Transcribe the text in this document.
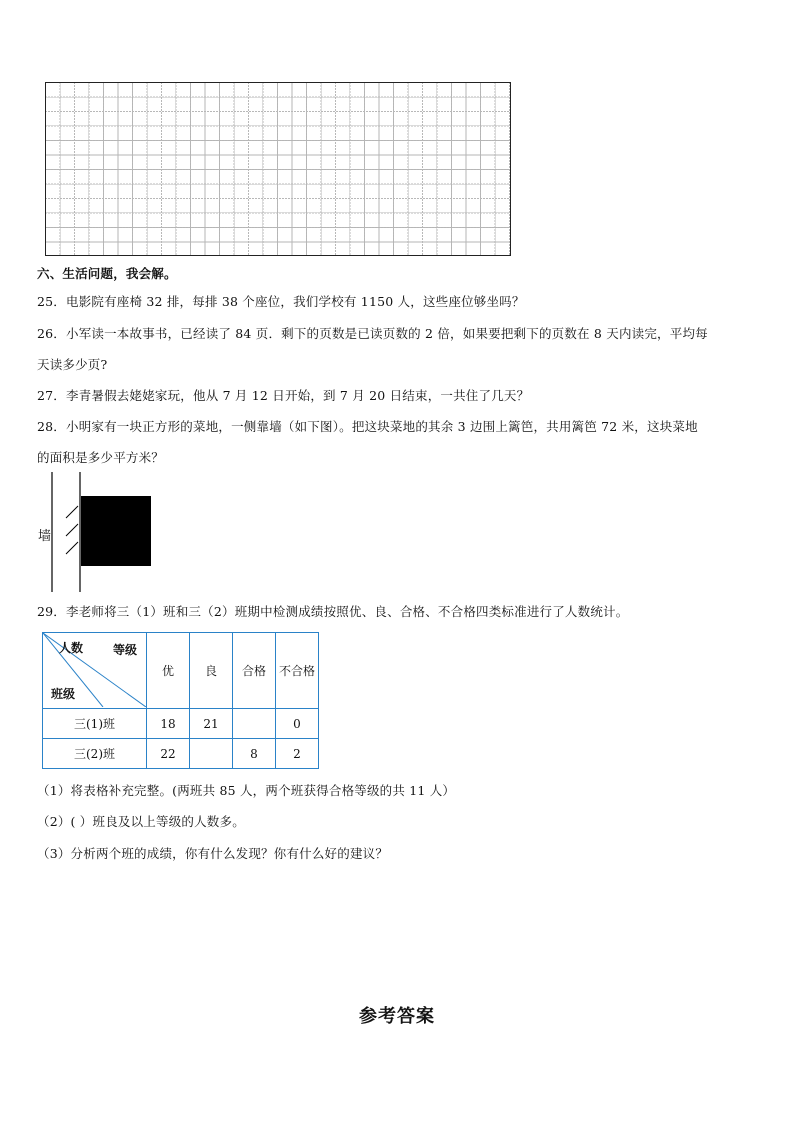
六、生活问题，我会解。
25．电影院有座椅 32 排，每排 38 个座位，我们学校有 1150 人，这些座位够坐吗？
26．小军读一本故事书，已经读了 84 页．剩下的页数是已读页数的 2 倍，如果要把剩下的页数在 8 天内读完，平均每
天读多少页?
27．李青暑假去姥姥家玩，他从 7 月 12 日开始，到 7 月 20 日结束，一共住了几天？
28．小明家有一块正方形的菜地，一侧靠墙（如下图）。把这块菜地的其余 3 边围上篱笆，共用篱笆 72 米，这块菜地
的面积是多少平方米？
墙
29．李老师将三（1）班和三（2）班期中检测成绩按照优、良、合格、不合格四类标准进行了人数统计。
人数 等级
班级	优	良	合格	不合格
三(1)班	18	21		0
三(2)班	22		8	2
（1）将表格补充完整。(两班共 85 人，两个班获得合格等级的共 11 人）
（2）( ）班良及以上等级的人数多。
（3）分析两个班的成绩，你有什么发现？你有什么好的建议？
参考答案
